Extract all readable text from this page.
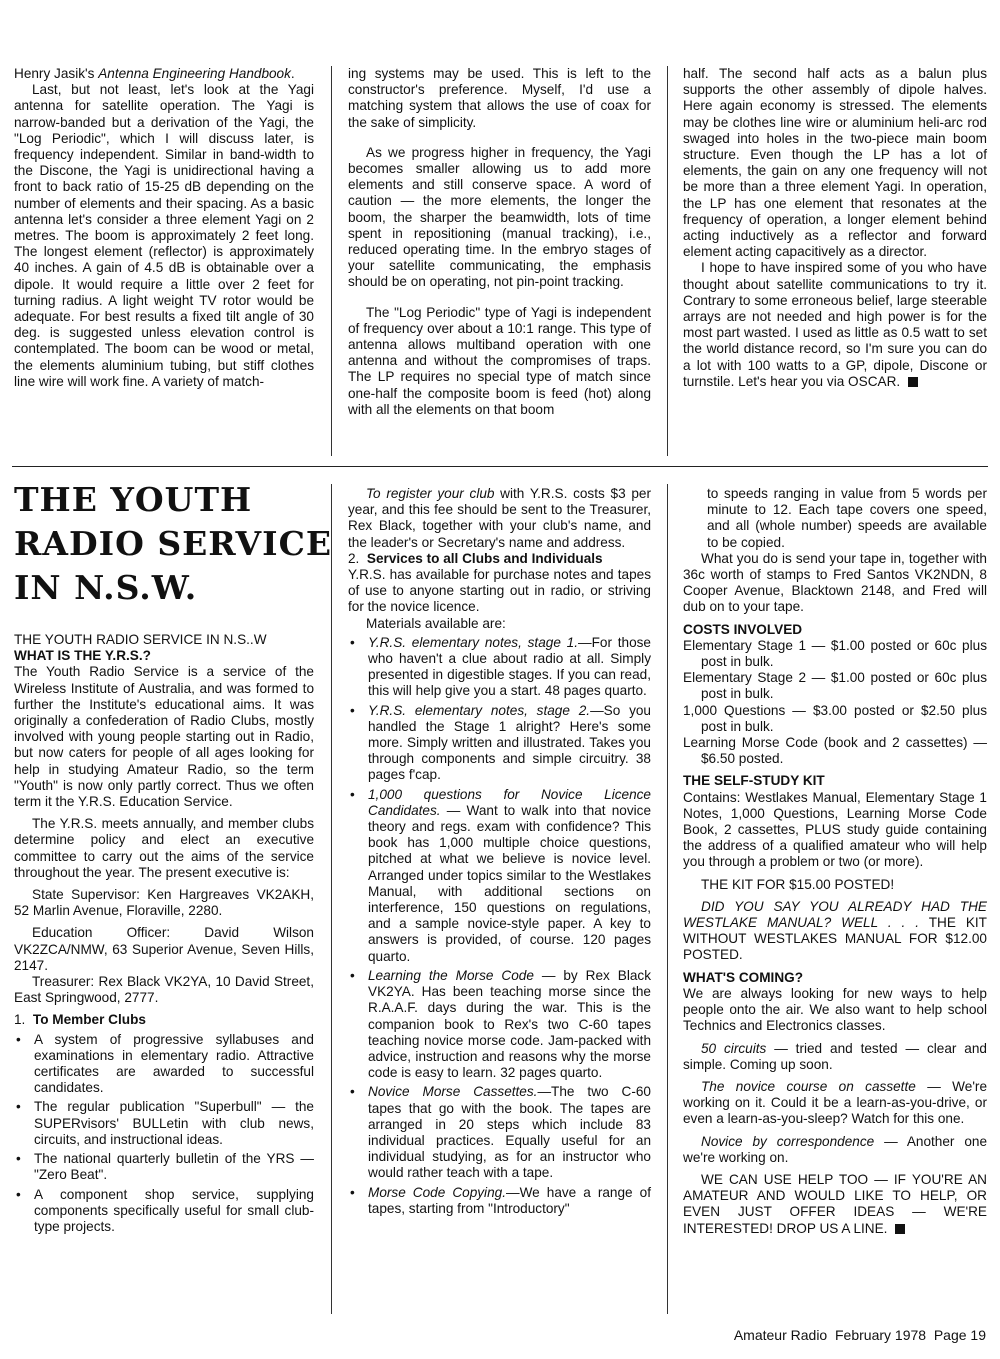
Henry Jasik's Antenna Engineering Handbook.

Last, but not least, let's look at the Yagi antenna for satellite operation. The Yagi is narrow-banded but a derivation of the Yagi, the "Log Periodic", which I will discuss later, is frequency independent. Similar in band-width to the Discone, the Yagi is unidirectional having a front to back ratio of 15-25 dB depending on the number of elements and their spacing. As a basic antenna let's consider a three element Yagi on 2 metres. The boom is approximately 2 feet long. The longest element (reflector) is approximately 40 inches. A gain of 4.5 dB is obtainable over a dipole. It would require a little over 2 feet for turning radius. A light weight TV rotor would be adequate. For best results a fixed tilt angle of 30 deg. is suggested unless elevation control is contemplated. The boom can be wood or metal, the elements aluminium tubing, but stiff clothes line wire will work fine. A variety of match-

ing systems may be used. This is left to the constructor's preference. Myself, I'd use a matching system that allows the use of coax for the sake of simplicity.

As we progress higher in frequency, the Yagi becomes smaller allowing us to add more elements and still conserve space. A word of caution — the more elements, the longer the boom, the sharper the beamwidth, lots of time spent in repositioning (manual tracking), i.e., reduced operating time. In the embryo stages of your satellite communicating, the emphasis should be on operating, not pin-point tracking.

The "Log Periodic" type of Yagi is independent of frequency over about a 10:1 range. This type of antenna allows multiband operation with one antenna and without the compromises of traps. The LP requires no special type of match since one-half the composite boom is feed (hot) along with all the elements on that boom

half. The second half acts as a balun plus supports the other assembly of dipole halves. Here again economy is stressed. The elements may be clothes line wire or aluminium heli-arc rod swaged into holes in the two-piece main boom structure. Even though the LP has a lot of elements, the gain on any one frequency will not be more than a three element Yagi. In operation, the LP has one element that resonates at the frequency of operation, a longer element behind acting inductively as a reflector and forward element acting capacitively as a director.

I hope to have inspired some of you who have thought about satellite communications to try it. Contrary to some erroneous belief, large steerable arrays are not needed and high power is for the most part wasted. I used as little as 0.5 watt to set the world distance record, so I'm sure you can do a lot with 100 watts to a GP, dipole, Discone or turnstile. Let's hear you via OSCAR.

THE YOUTH
RADIO SERVICE
IN N.S.W.

THE YOUTH RADIO SERVICE IN N.S..W

WHAT IS THE Y.R.S.?

The Youth Radio Service is a service of the Wireless Institute of Australia, and was formed to further the Institute's educational aims. It was originally a confederation of Radio Clubs, mostly involved with young people starting out in Radio, but now caters for people of all ages looking for help in studying Amateur Radio, so the term "Youth" is now only partly correct. Thus we often term it the Y.R.S. Education Service.

The Y.R.S. meets annually, and member clubs determine policy and elect an executive committee to carry out the aims of the service throughout the year. The present executive is:

State Supervisor: Ken Hargreaves VK2AKH, 52 Marlin Avenue, Floraville, 2280.

Education Officer: David Wilson VK2ZCA/NMW, 63 Superior Avenue, Seven Hills, 2147.

Treasurer: Rex Black VK2YA, 10 David Street, East Springwood, 2777.

1. To Member Clubs

• A system of progressive syllabuses and examinations in elementary radio. Attractive certificates are awarded to successful candidates.

• The regular publication "Superbull" — the SUPERvisors' BULLetin with club news, circuits, and instructional ideas.

• The national quarterly bulletin of the YRS — "Zero Beat".

• A component shop service, supplying components specifically useful for small club-type projects.

To register your club with Y.R.S. costs $3 per year, and this fee should be sent to the Treasurer, Rex Black, together with your club's name, and the leader's or Secretary's name and address.

2. Services to all Clubs and Individuals

Y.R.S. has available for purchase notes and tapes of use to anyone starting out in radio, or striving for the novice licence.

Materials available are:

• Y.R.S. elementary notes, stage 1.—For those who haven't a clue about radio at all. Simply presented in digestible stages. If you can read, this will help give you a start. 48 pages quarto.

• Y.R.S. elementary notes, stage 2.—So you handled the Stage 1 alright? Here's some more. Simply written and illustrated. Takes you through components and simple circuitry. 38 pages f'cap.

• 1,000 questions for Novice Licence Candidates. — Want to walk into that novice theory and regs. exam with confidence? This book has 1,000 multiple choice questions, pitched at what we believe is novice level. Arranged under topics similar to the Westlakes Manual, with additional sections on interference, 150 questions on regulations, and a sample novice-style paper. A key to answers is provided, of course. 120 pages quarto.

• Learning the Morse Code — by Rex Black VK2YA. Has been teaching morse since the R.A.A.F. days during the war. This is the companion book to Rex's two C-60 tapes teaching novice morse code. Jam-packed with advice, instruction and reasons why the morse code is easy to learn. 32 pages quarto.

• Novice Morse Cassettes.—The two C-60 tapes that go with the book. The tapes are arranged in 20 steps which include 83 individual practices. Equally useful for an individual studying, as for an instructor who would rather teach with a tape.

• Morse Code Copying.—We have a range of tapes, starting from "Introductory"

to speeds ranging in value from 5 words per minute to 12. Each tape covers one speed, and all (whole number) speeds are available to be copied.

What you do is send your tape in, together with 36c worth of stamps to Fred Santos VK2NDN, 8 Cooper Avenue, Blacktown 2148, and Fred will dub on to your tape.

COSTS INVOLVED

Elementary Stage 1 — $1.00 posted or 60c plus post in bulk.

Elementary Stage 2 — $1.00 posted or 60c plus post in bulk.

1,000 Questions — $3.00 posted or $2.50 plus post in bulk.

Learning Morse Code (book and 2 cassettes) — $6.50 posted.

THE SELF-STUDY KIT

Contains: Westlakes Manual, Elementary Stage 1 Notes, 1,000 Questions, Learning Morse Code Book, 2 cassettes, PLUS study guide containing the address of a qualified amateur who will help you through a problem or two (or more).

THE KIT FOR $15.00 POSTED!

DID YOU SAY YOU ALREADY HAD THE WESTLAKE MANUAL? WELL . . . THE KIT WITHOUT WESTLAKES MANUAL FOR $12.00 POSTED.

WHAT'S COMING?

We are always looking for new ways to help people onto the air. We also want to help school Technics and Electronics classes.

50 circuits — tried and tested — clear and simple. Coming up soon.

The novice course on cassette — We're working on it. Could it be a learn-as-you-drive, or even a learn-as-you-sleep? Watch for this one.

Novice by correspondence — Another one we're working on.

WE CAN USE HELP TOO — IF YOU'RE AN AMATEUR AND WOULD LIKE TO HELP, OR EVEN JUST OFFER IDEAS — WE'RE INTERESTED! DROP US A LINE.

Amateur Radio  February 1978  Page 19
